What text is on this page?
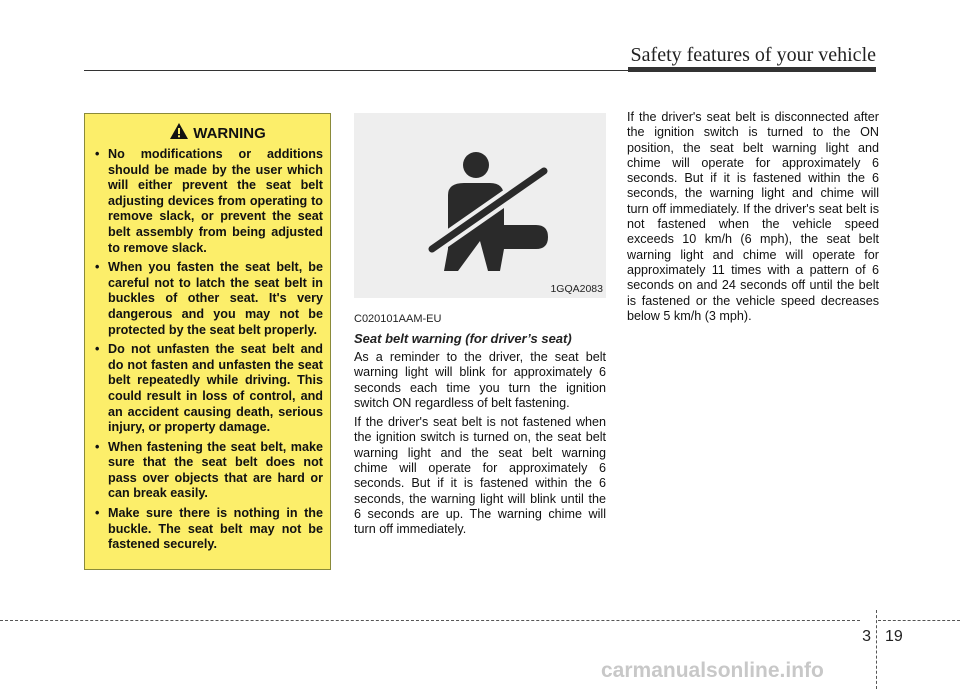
Safety features of your vehicle
WARNING
• No modifications or additions should be made by the user which will either prevent the seat belt adjusting devices from operating to remove slack, or prevent the seat belt assembly from being adjusted to remove slack.
• When you fasten the seat belt, be careful not to latch the seat belt in buckles of other seat. It's very dangerous and you may not be protected by the seat belt properly.
• Do not unfasten the seat belt and do not fasten and unfasten the seat belt repeatedly while driving. This could result in loss of control, and an accident causing death, serious injury, or property damage.
• When fastening the seat belt, make sure that the seat belt does not pass over objects that are hard or can break easily.
• Make sure there is nothing in the buckle. The seat belt may not be fastened securely.
1GQA2083

C020101AAM-EU

Seat belt warning (for driver’s seat)

As a reminder to the driver, the seat belt warning light will blink for approximately 6 seconds each time you turn the ignition switch ON regardless of belt fastening.

If the driver's seat belt is not fastened when the ignition switch is turned on, the seat belt warning light and the seat belt warning chime will operate for approximately 6 seconds. But if it is fastened within the 6 seconds, the warning light will blink until the 6 seconds are up. The warning chime will turn off immediately.

If the driver's seat belt is disconnected after the ignition switch is turned to the ON position, the seat belt warning light and chime will operate for approximately 6 seconds. But if it is fastened within the 6 seconds, the warning light and chime will turn off immediately. If the driver's seat belt is not fastened when the vehicle speed exceeds 10 km/h (6 mph), the seat belt warning light and chime will operate for approximately 11 times with a pattern of 6 seconds on and 24 seconds off until the belt is fastened or the vehicle speed decreases below 5 km/h (3 mph).

3 19
carmanualsonline.info
